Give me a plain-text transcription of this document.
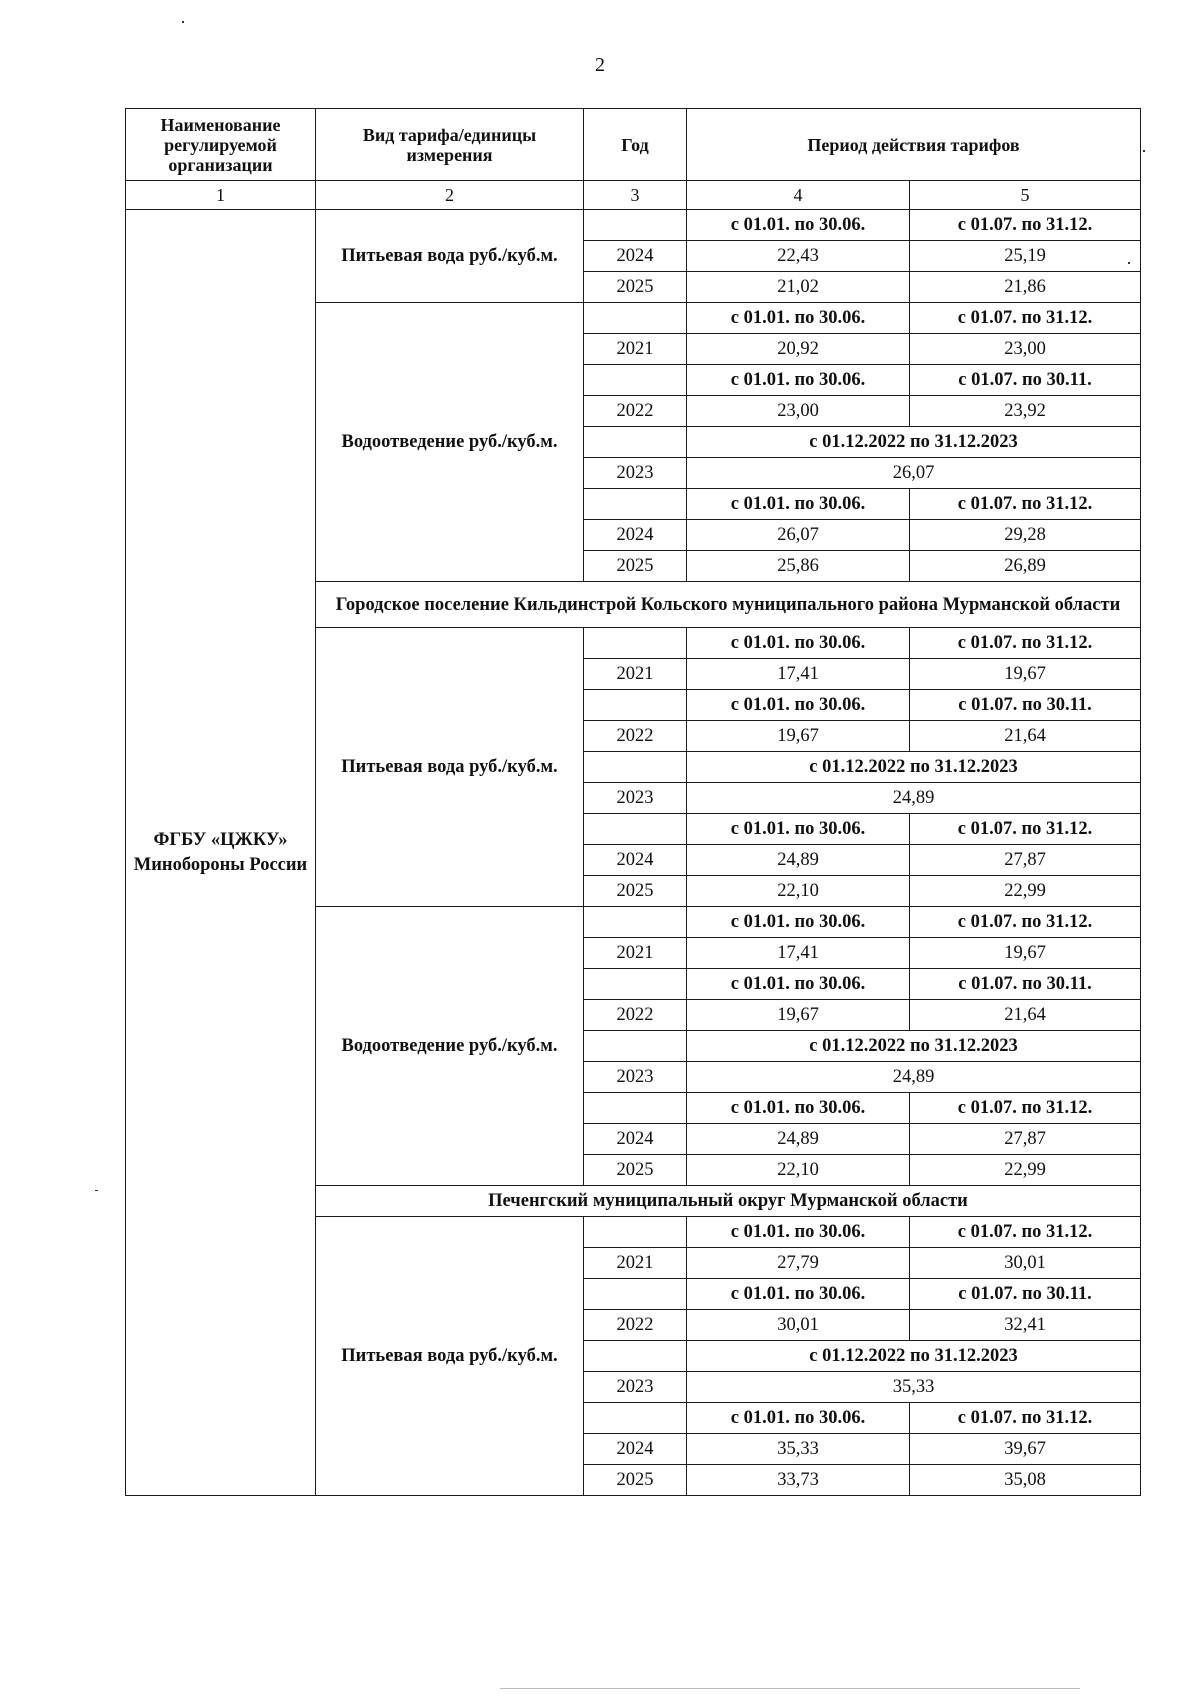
2
Наименование регулируемой организации	Вид тарифа/единицы измерения	Год	Период действия тарифов	
1	2	3	4	5
ФГБУ «ЦЖКУ» Минобороны России	Питьевая вода руб./куб.м.		с 01.01. по 30.06.	с 01.07. по 31.12.
		2024	22,43	25,19
		2025	21,02	21,86
	Водоотведение руб./куб.м.		с 01.01. по 30.06.	с 01.07. по 31.12.
		2021	20,92	23,00
			с 01.01. по 30.06.	с 01.07. по 30.11.
		2022	23,00	23,92
			с 01.12.2022 по 31.12.2023	
		2023	26,07	
			с 01.01. по 30.06.	с 01.07. по 31.12.
		2024	26,07	29,28
		2025	25,86	26,89
	Городское поселение Кильдинстрой Кольского муниципального района Мурманской области			
	Питьевая вода руб./куб.м.		с 01.01. по 30.06.	с 01.07. по 31.12.
		2021	17,41	19,67
			с 01.01. по 30.06.	с 01.07. по 30.11.
		2022	19,67	21,64
			с 01.12.2022 по 31.12.2023	
		2023	24,89	
			с 01.01. по 30.06.	с 01.07. по 31.12.
		2024	24,89	27,87
		2025	22,10	22,99
	Водоотведение руб./куб.м.		с 01.01. по 30.06.	с 01.07. по 31.12.
		2021	17,41	19,67
			с 01.01. по 30.06.	с 01.07. по 30.11.
		2022	19,67	21,64
			с 01.12.2022 по 31.12.2023	
		2023	24,89	
			с 01.01. по 30.06.	с 01.07. по 31.12.
		2024	24,89	27,87
		2025	22,10	22,99
	Печенгский муниципальный округ Мурманской области			
	Питьевая вода руб./куб.м.		с 01.01. по 30.06.	с 01.07. по 31.12.
		2021	27,79	30,01
			с 01.01. по 30.06.	с 01.07. по 30.11.
		2022	30,01	32,41
			с 01.12.2022 по 31.12.2023	
		2023	35,33	
			с 01.01. по 30.06.	с 01.07. по 31.12.
		2024	35,33	39,67
		2025	33,73	35,08
